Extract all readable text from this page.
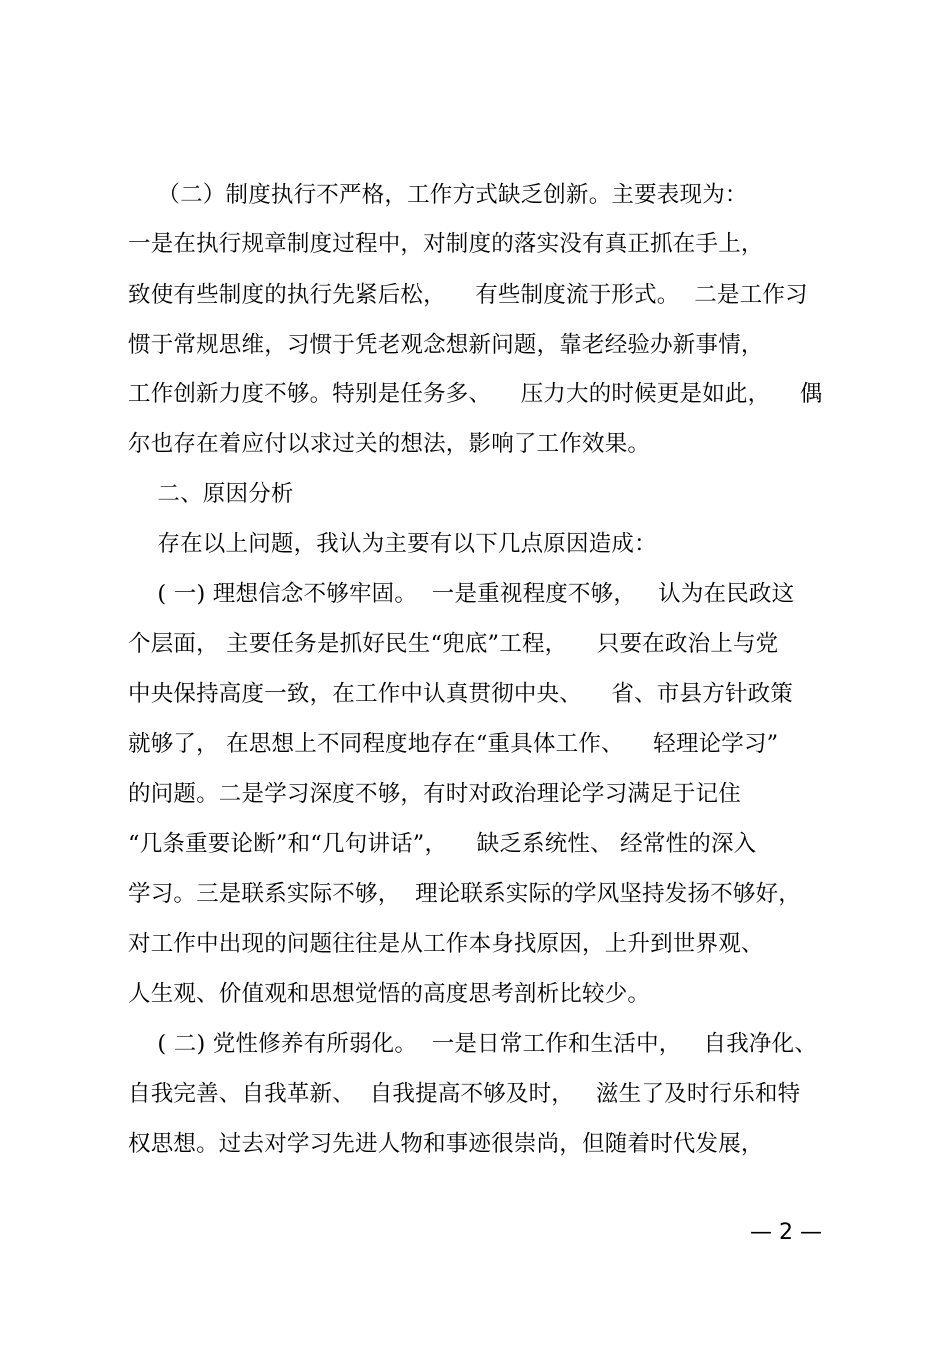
（二）制度执行不严格，工作方式缺乏创新。主要表现为：
一是在执行规章制度过程中，对制度的落实没有真正抓在手上，
致使有些制度的执行先紧后松，    有些制度流于形式。  二是工作习
惯于常规思维，习惯于凭老观念想新问题，靠老经验办新事情，
工作创新力度不够。特别是任务多、    压力大的时候更是如此，    偶
尔也存在着应付以求过关的想法，影响了工作效果。
二、原因分析
存在以上问题，我认为主要有以下几点原因造成：
( 一) 理想信念不够牢固。  一是重视程度不够，   认为在民政这
个层面， 主要任务是抓好民生“兜底”工程，    只要在政治上与党
中央保持高度一致，在工作中认真贯彻中央、    省、市县方针政策
就够了， 在思想上不同程度地存在“重具体工作、    轻理论学习”
的问题。二是学习深度不够，有时对政治理论学习满足于记住
“几条重要论断”和“几句讲话”，    缺乏系统性、 经常性的深入
学习。三是联系实际不够，  理论联系实际的学风坚持发扬不够好，
对工作中出现的问题往往是从工作本身找原因，上升到世界观、
人生观、价值观和思想觉悟的高度思考剖析比较少。
( 二) 党性修养有所弱化。  一是日常工作和生活中，   自我净化、
自我完善、自我革新、  自我提高不够及时，   滋生了及时行乐和特
权思想。过去对学习先进人物和事迹很崇尚，但随着时代发展，
— 2 —
